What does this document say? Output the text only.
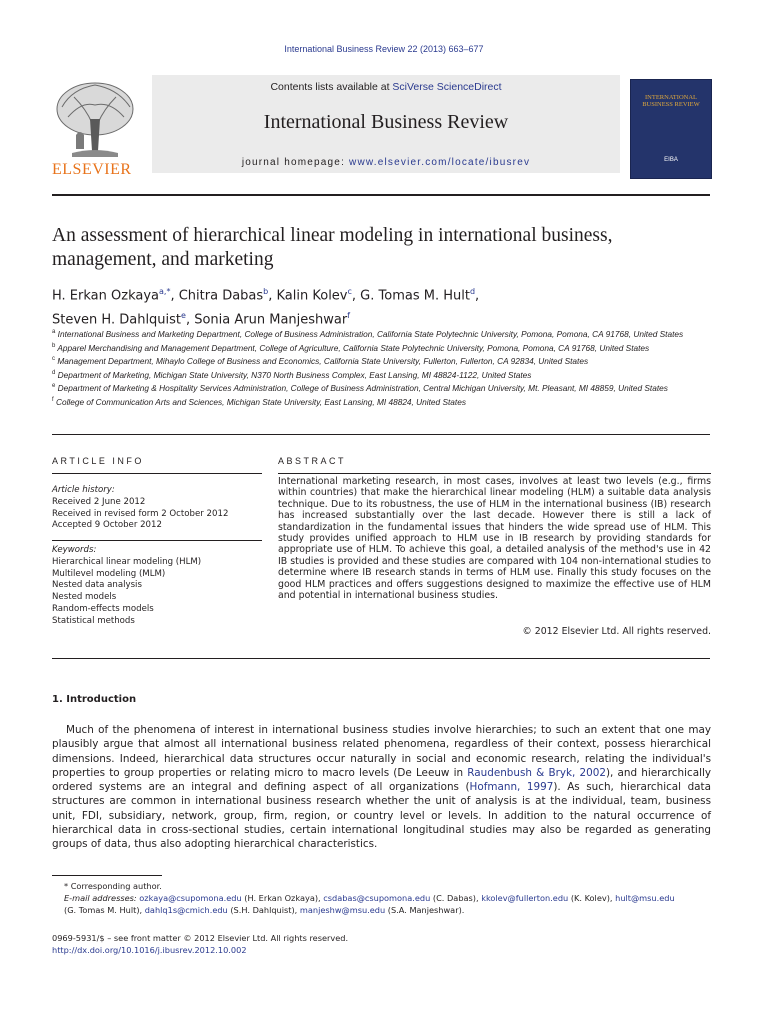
International Business Review 22 (2013) 663–677
ELSEVIER
Contents lists available at SciVerse ScienceDirect
International Business Review
journal homepage: www.elsevier.com/locate/ibusrev
INTERNATIONAL BUSINESS REVIEW
EIBA
An assessment of hierarchical linear modeling in international business, management, and marketing
H. Erkan Ozkaya$^{a,*}$, Chitra Dabas$^b$, Kalin Kolev$^c$, G. Tomas M. Hult$^d$,
Steven H. Dahlquist$^e$, Sonia Arun Manjeshwar$^f$
$^a$ International Business and Marketing Department, College of Business Administration, California State Polytechnic University, Pomona, Pomona, CA 91768, United States
$^b$ Apparel Merchandising and Management Department, College of Agriculture, California State Polytechnic University, Pomona, Pomona, CA 91768, United States
$^c$ Management Department, Mihaylo College of Business and Economics, California State University, Fullerton, Fullerton, CA 92834, United States
$^d$ Department of Marketing, Michigan State University, N370 North Business Complex, East Lansing, MI 48824-1122, United States
$^e$ Department of Marketing & Hospitality Services Administration, College of Business Administration, Central Michigan University, Mt. Pleasant, MI 48859, United States
$^f$ College of Communication Arts and Sciences, Michigan State University, East Lansing, MI 48824, United States
ARTICLE INFO	ABSTRACT
Article history:
Received 2 June 2012
Received in revised form 2 October 2012
Accepted 9 October 2012
Keywords:
Hierarchical linear modeling (HLM)
Multilevel modeling (MLM)
Nested data analysis
Nested models
Random-effects models
Statistical methods
International marketing research, in most cases, involves at least two levels (e.g., firms within countries) that make the hierarchical linear modeling (HLM) a suitable data analysis technique. Due to its robustness, the use of HLM in the international business (IB) research has increased substantially over the last decade. However there is still a lack of standardization in the fundamental issues that hinders the wide spread use of HLM. This study provides unified approach to HLM use in IB research by providing standards for appropriate use of HLM. To achieve this goal, a detailed analysis of the method's use in 42 IB studies is provided and these studies are compared with 104 non-international studies to determine where IB research stands in terms of HLM use. Finally this study focuses on the good HLM practices and offers suggestions designed to maximize the effective use of HLM and potential in international business studies.
© 2012 Elsevier Ltd. All rights reserved.
1. Introduction
Much of the phenomena of interest in international business studies involve hierarchies; to such an extent that one may plausibly argue that almost all international business related phenomena, regardless of their context, possess hierarchical dimensions. Indeed, hierarchical data structures occur naturally in social and economic research, relating the individual's properties to group properties or relating micro to macro levels (De Leeuw in Raudenbush & Bryk, 2002), and hierarchically ordered systems are an integral and defining aspect of all organizations (Hofmann, 1997). As such, hierarchical data structures are common in international business research whether the unit of analysis is at the individual, team, business unit, FDI, subsidiary, network, group, firm, region, or country level or levels. In addition to the natural occurrence of hierarchical data in cross-sectional studies, certain international longitudinal studies may also be regarded as generating groups of data, thus also adopting hierarchical characteristics.
* Corresponding author.
E-mail addresses: ozkaya@csupomona.edu (H. Erkan Ozkaya), csdabas@csupomona.edu (C. Dabas), kkolev@fullerton.edu (K. Kolev), hult@msu.edu
(G. Tomas M. Hult), dahlq1s@cmich.edu (S.H. Dahlquist), manjeshw@msu.edu (S.A. Manjeshwar).
0969-5931/$ – see front matter © 2012 Elsevier Ltd. All rights reserved.
http://dx.doi.org/10.1016/j.ibusrev.2012.10.002
